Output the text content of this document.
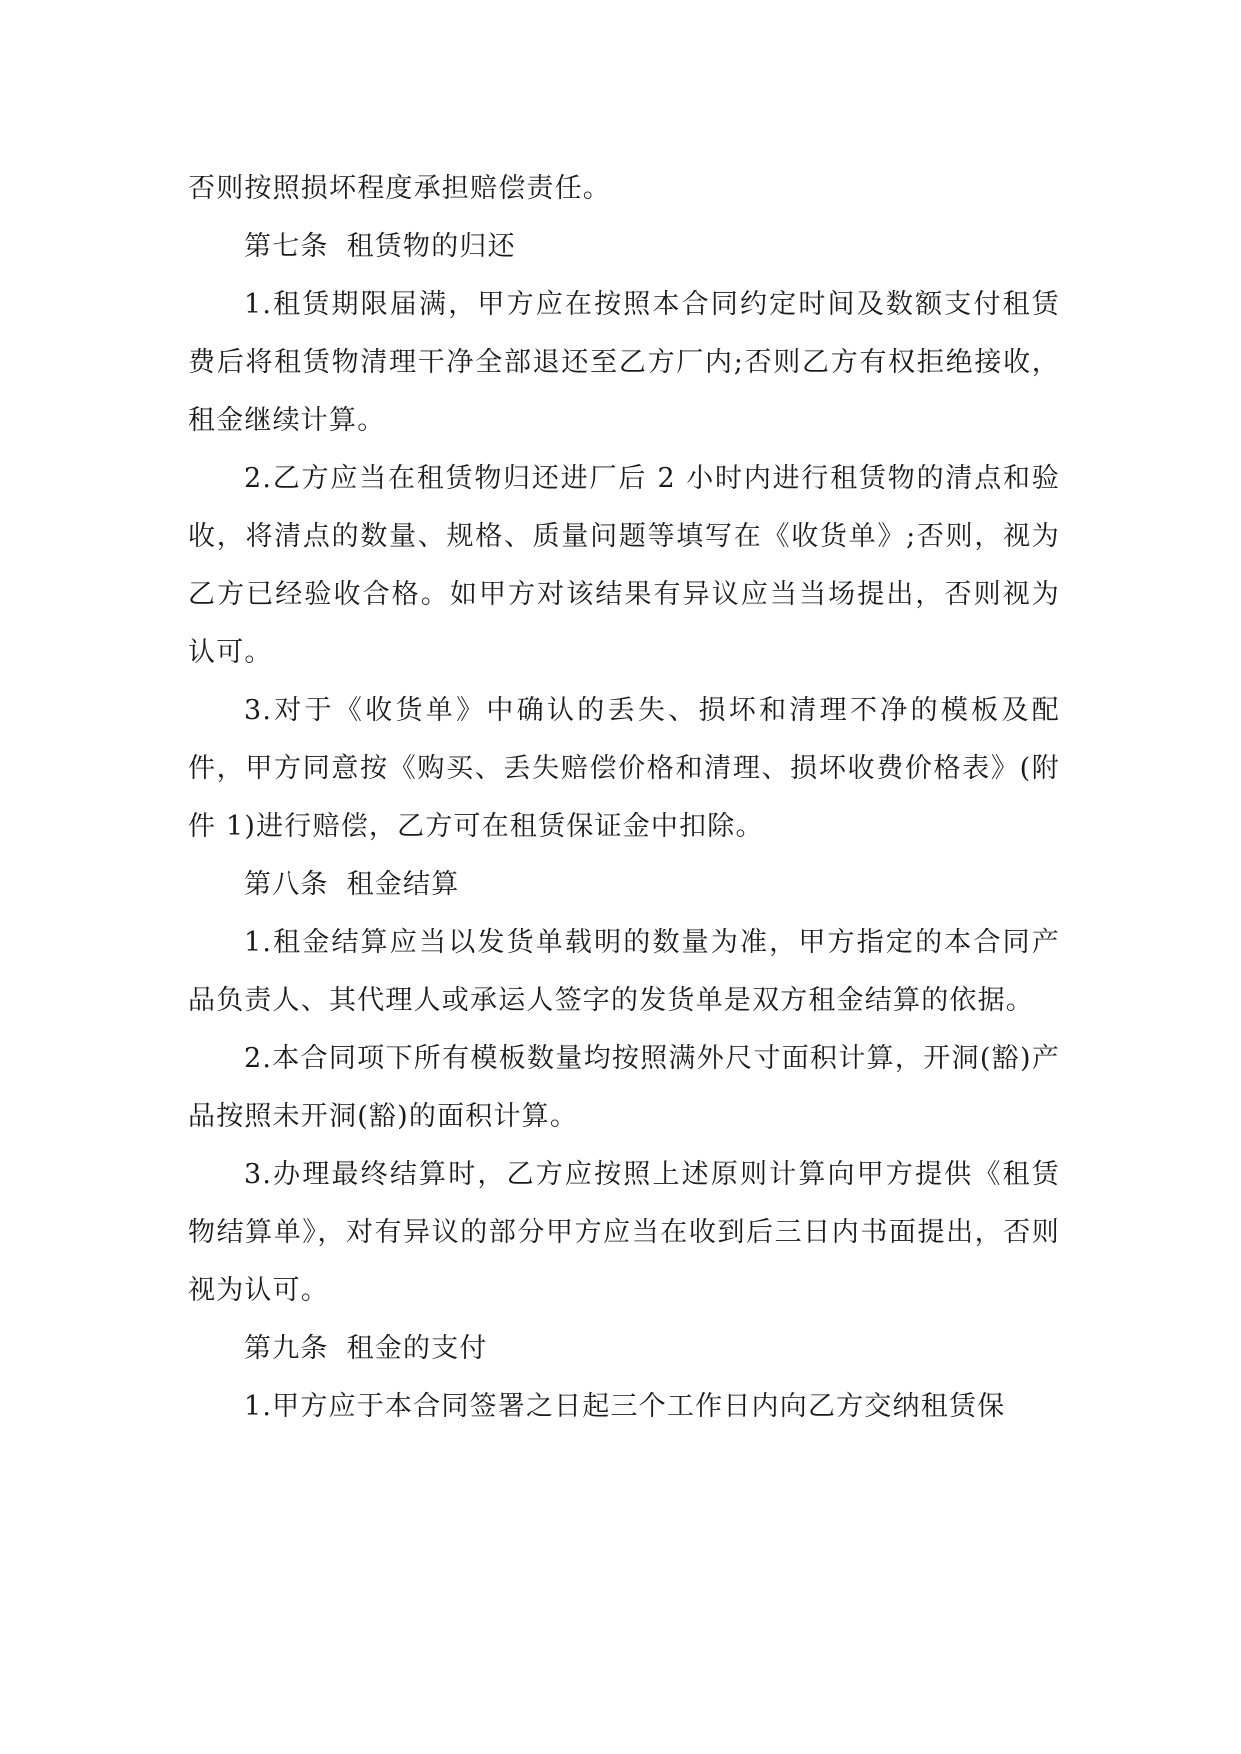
否则按照损坏程度承担赔偿责任。

第七条 租赁物的归还

1.租赁期限届满，甲方应在按照本合同约定时间及数额支付租赁费后将租赁物清理干净全部退还至乙方厂内;否则乙方有权拒绝接收，租金继续计算。

2.乙方应当在租赁物归还进厂后 2 小时内进行租赁物的清点和验收，将清点的数量、规格、质量问题等填写在《收货单》;否则，视为乙方已经验收合格。如甲方对该结果有异议应当当场提出，否则视为认可。

3.对于《收货单》中确认的丢失、损坏和清理不净的模板及配件，甲方同意按《购买、丢失赔偿价格和清理、损坏收费价格表》(附件 1)进行赔偿，乙方可在租赁保证金中扣除。

第八条 租金结算

1.租金结算应当以发货单载明的数量为准，甲方指定的本合同产品负责人、其代理人或承运人签字的发货单是双方租金结算的依据。

2.本合同项下所有模板数量均按照满外尺寸面积计算，开洞(豁)产品按照未开洞(豁)的面积计算。

3.办理最终结算时，乙方应按照上述原则计算向甲方提供《租赁物结算单》，对有异议的部分甲方应当在收到后三日内书面提出，否则视为认可。

第九条 租金的支付

1.甲方应于本合同签署之日起三个工作日内向乙方交纳租赁保
